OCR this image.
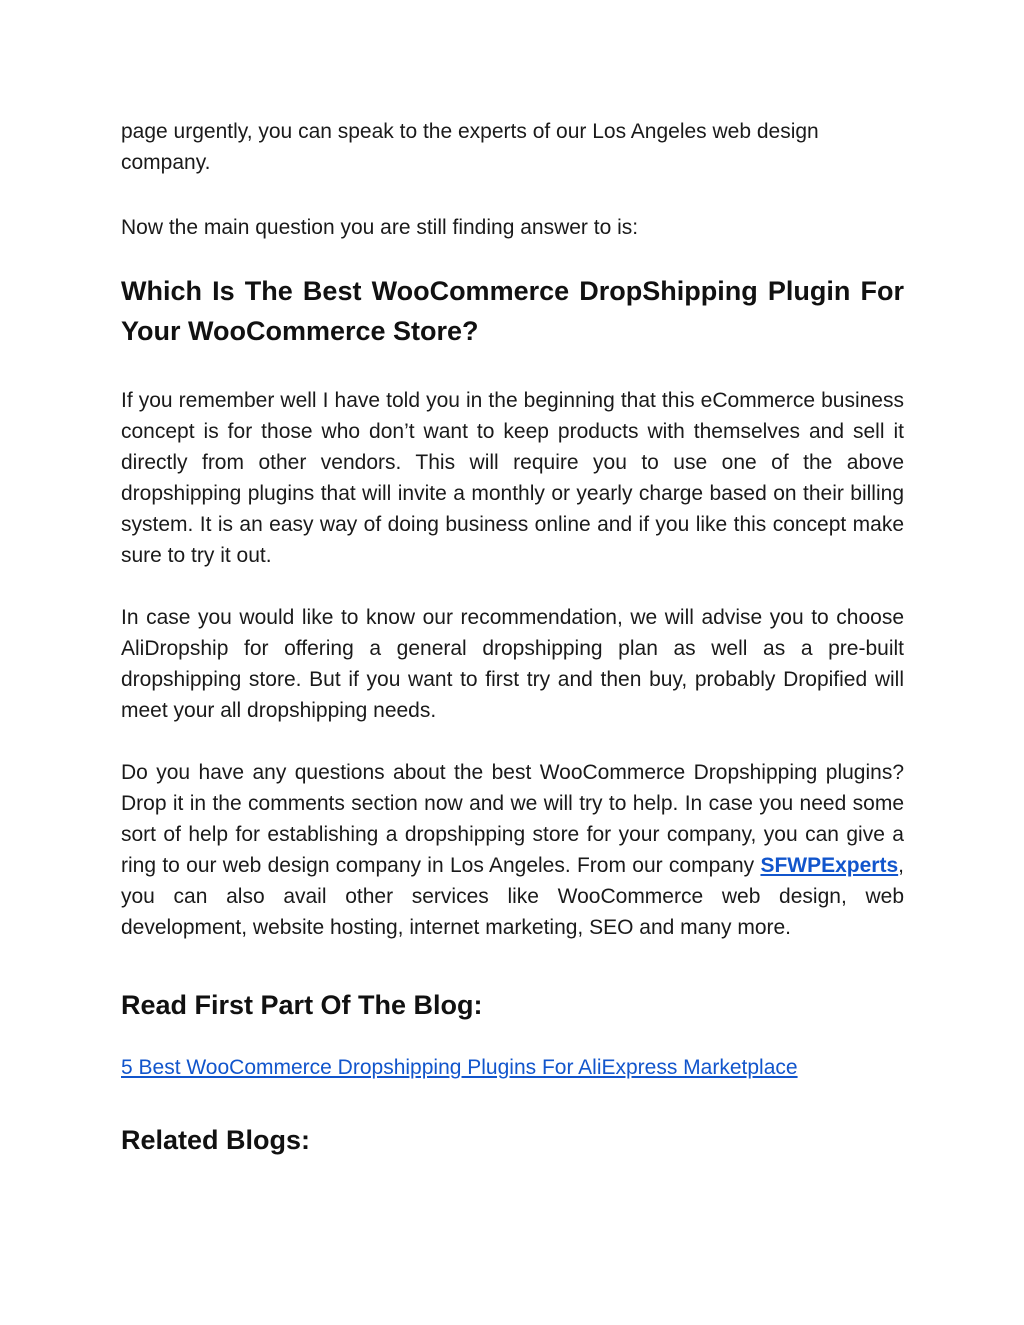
page urgently, you can speak to the experts of our Los Angeles web design
company.

Now the main question you are still finding answer to is:

Which Is The Best WooCommerce DropShipping Plugin For Your WooCommerce Store?

If you remember well I have told you in the beginning that this eCommerce business concept is for those who don’t want to keep products with themselves and sell it directly from other vendors. This will require you to use one of the above dropshipping plugins that will invite a monthly or yearly charge based on their billing system. It is an easy way of doing business online and if you like this concept make sure to try it out.

In case you would like to know our recommendation, we will advise you to choose AliDropship for offering a general dropshipping plan as well as a pre-built dropshipping store. But if you want to first try and then buy, probably Dropified will meet your all dropshipping needs.

Do you have any questions about the best WooCommerce Dropshipping plugins? Drop it in the comments section now and we will try to help. In case you need some sort of help for establishing a dropshipping store for your company, you can give a ring to our web design company in Los Angeles. From our company SFWPExperts, you can also avail other services like WooCommerce web design, web development, website hosting, internet marketing, SEO and many more.

Read First Part Of The Blog:
5 Best WooCommerce Dropshipping Plugins For AliExpress Marketplace
Related Blogs:
